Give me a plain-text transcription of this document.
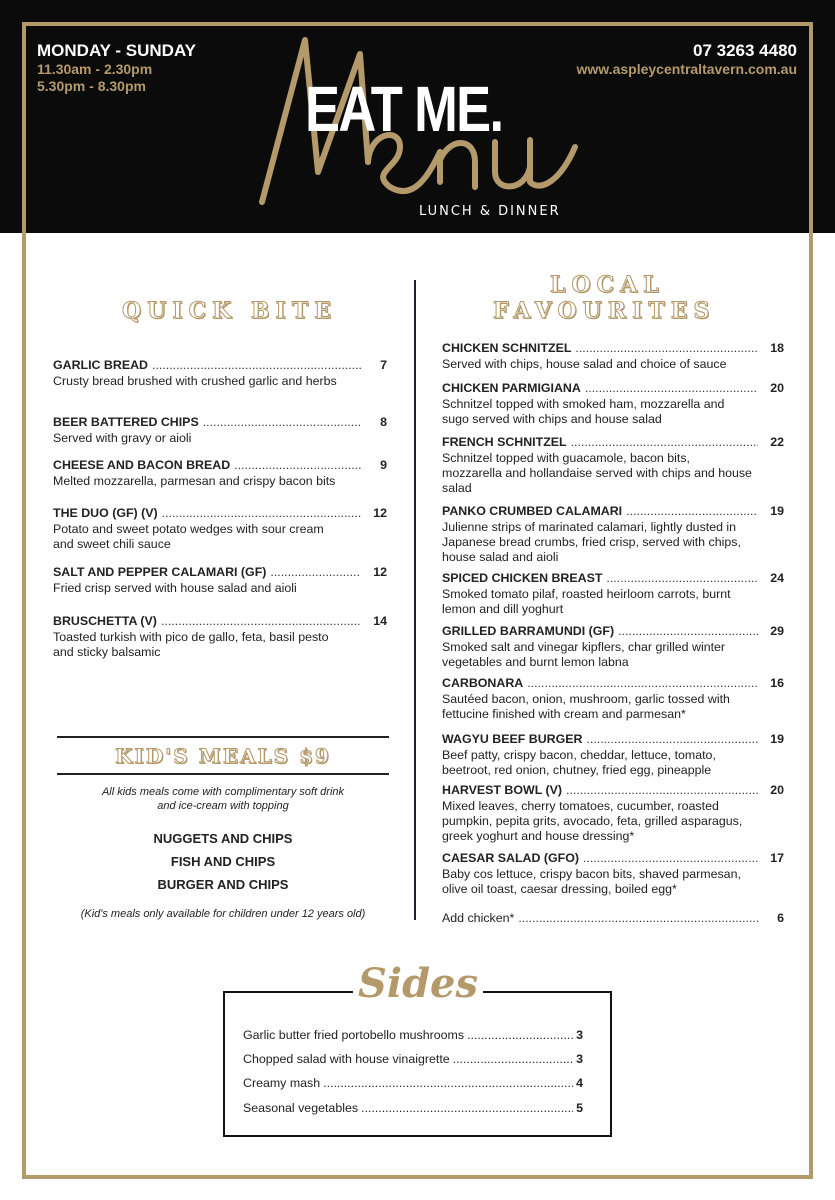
MONDAY - SUNDAY
11.30am - 2.30pm
5.30pm - 8.30pm
07 3263 4480
www.aspleycentraltavern.com.au
EAT ME.
LUNCH & DINNER
QUICK BITE
GARLIC BREAD .....	7
Crusty bread brushed with crushed garlic and herbs
BEER BATTERED CHIPS .....	8
Served with gravy or aioli
CHEESE AND BACON BREAD .....	9
Melted mozzarella, parmesan and crispy bacon bits
THE DUO (GF) (V) .....	12
Potato and sweet potato wedges with sour cream and sweet chili sauce
SALT AND PEPPER CALAMARI (GF) .....	12
Fried crisp served with house salad and aioli
BRUSCHETTA (V) .....	14
Toasted turkish with pico de gallo, feta, basil pesto and sticky balsamic
KID'S MEALS $9
All kids meals come with complimentary soft drink
and ice-cream with topping
NUGGETS AND CHIPS
FISH AND CHIPS
BURGER AND CHIPS
(Kid's meals only available for children under 12 years old)
LOCAL
FAVOURITES
CHICKEN SCHNITZEL .....	18
Served with chips, house salad and choice of sauce
CHICKEN PARMIGIANA .....	20
Schnitzel topped with smoked ham, mozzarella and sugo served with chips and house salad
FRENCH SCHNITZEL .....	22
Schnitzel topped with guacamole, bacon bits, mozzarella and hollandaise served with chips and house salad
PANKO CRUMBED CALAMARI .....	19
Julienne strips of marinated calamari, lightly dusted in Japanese bread crumbs, fried crisp, served with chips, house salad and aioli
SPICED CHICKEN BREAST .....	24
Smoked tomato pilaf, roasted heirloom carrots, burnt lemon and dill yoghurt
GRILLED BARRAMUNDI (GF) .....	29
Smoked salt and vinegar kipflers, char grilled winter vegetables and burnt lemon labna
CARBONARA .....	16
Sautéed bacon, onion, mushroom, garlic tossed with fettucine finished with cream and parmesan*
WAGYU BEEF BURGER .....	19
Beef patty, crispy bacon, cheddar, lettuce, tomato, beetroot, red onion, chutney, fried egg, pineapple
HARVEST BOWL (V) .....	20
Mixed leaves, cherry tomatoes, cucumber, roasted pumpkin, pepita grits, avocado, feta, grilled asparagus, greek yoghurt and house dressing*
CAESAR SALAD (GFO) .....	17
Baby cos lettuce, crispy bacon bits, shaved parmesan, olive oil toast, caesar dressing, boiled egg*
Add chicken* .....	6
Sides
Garlic butter fried portobello mushrooms .....	3
Chopped salad with house vinaigrette .....	3
Creamy mash .....	4
Seasonal vegetables .....	5
